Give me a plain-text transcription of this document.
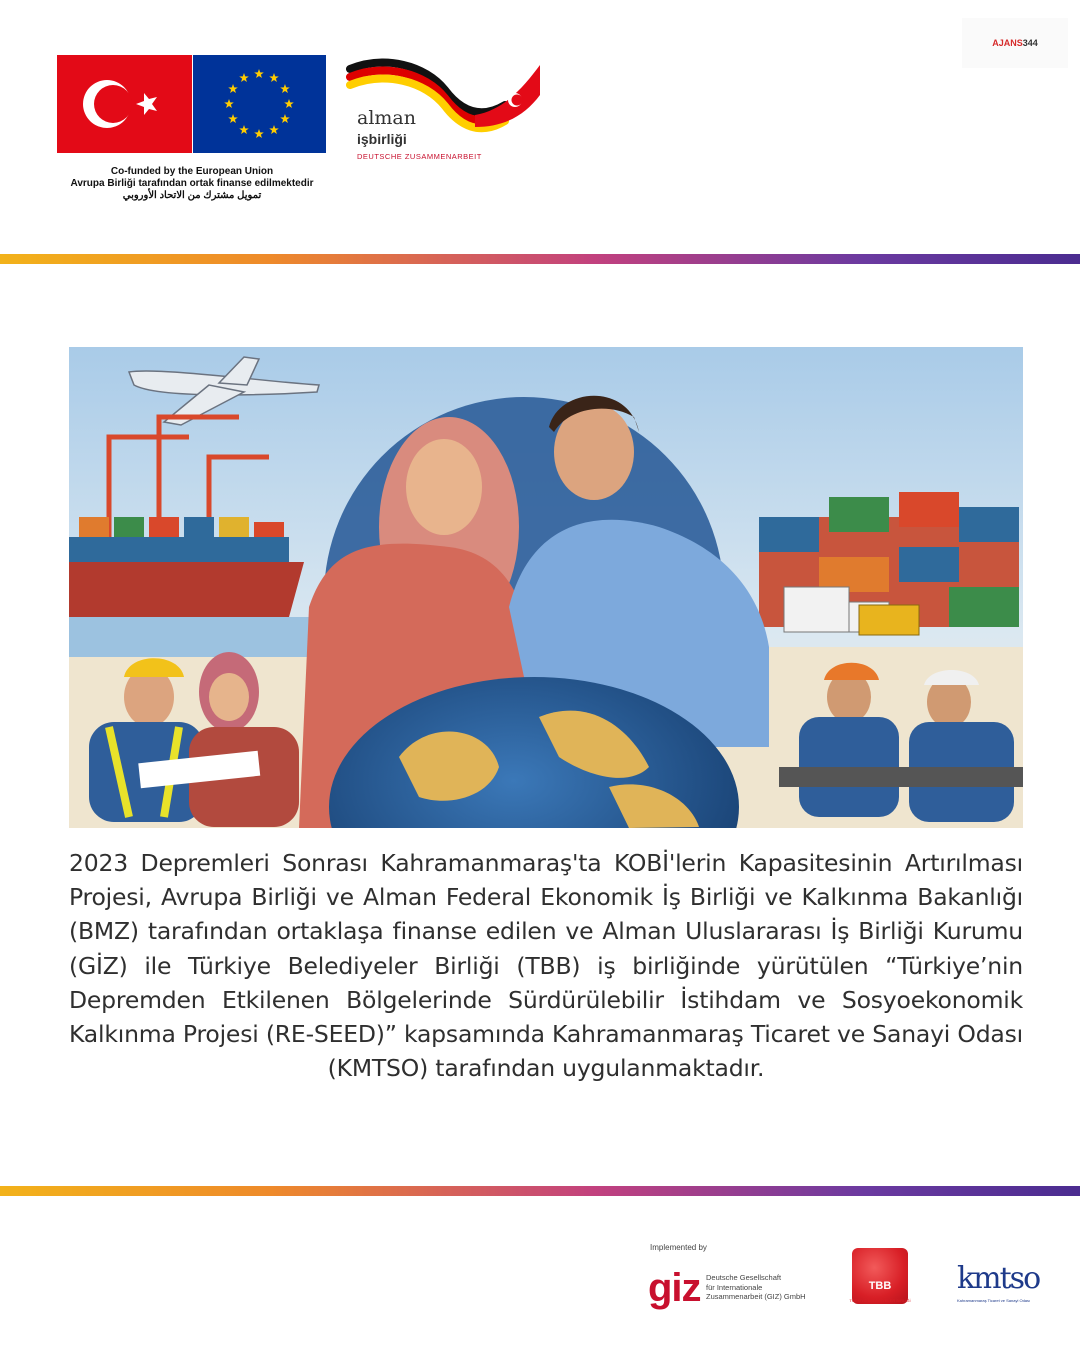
Co-funded by the European Union
Avrupa Birliği tarafından ortak finanse edilmektedir
تمويل مشترك من الاتحاد الأوروبي
alman
işbirliği
DEUTSCHE ZUSAMMENARBEIT
AJANS344
2023 Depremleri Sonrası Kahramanmaraş'ta KOBİ'lerin Kapasitesinin Artırılması Projesi, Avrupa Birliği ve Alman Federal Ekonomik İş Birliği ve Kalkınma Bakanlığı (BMZ) tarafından ortaklaşa finanse edilen ve Alman Uluslararası İş Birliği Kurumu (GİZ) ile Türkiye Belediyeler Birliği (TBB) iş birliğinde yürütülen “Türkiye’nin Depremden Etkilenen Bölgelerinde Sürdürülebilir İstihdam ve Sosyoekonomik Kalkınma Projesi (RE-SEED)” kapsamında Kahramanmaraş Ticaret ve Sanayi Odası (KMTSO) tarafından uygulanmaktadır.
Implemented by
giz Deutsche Gesellschaft
für Internationale
Zusammenarbeit (GIZ) GmbH
TBB
TÜRKİYE BELEDİYELER BİRLİĞİ
kmtso
Kahramanmaraş Ticaret ve Sanayi Odası
